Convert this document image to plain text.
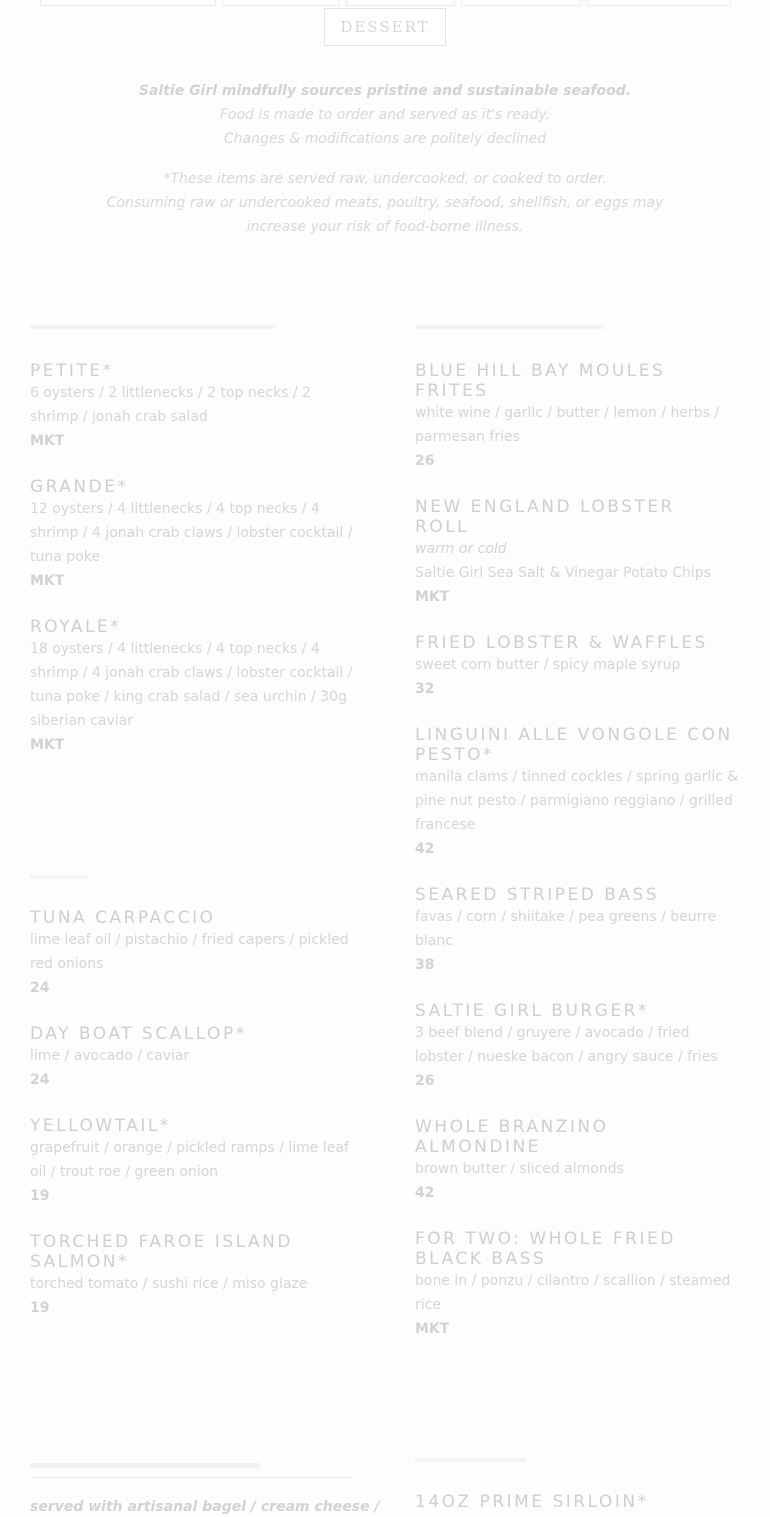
DESSERT
Saltie Girl mindfully sources pristine and sustainable seafood.
Food is made to order and served as it's ready.
Changes & modifications are politely declined
*These items are served raw, undercooked, or cooked to order.
Consuming raw or undercooked meats, poultry, seafood, shellfish, or eggs may
increase your risk of food-borne illness.
PETITE*
6 oysters / 2 littlenecks / 2 top necks / 2 shrimp / jonah crab salad
MKT
GRANDE*
12 oysters / 4 littlenecks / 4 top necks / 4 shrimp / 4 jonah crab claws / lobster cocktail / tuna poke
MKT
ROYALE*
18 oysters / 4 littlenecks / 4 top necks / 4 shrimp / 4 jonah crab claws / lobster cocktail / tuna poke / king crab salad / sea urchin / 30g siberian caviar
MKT
TUNA CARPACCIO
lime leaf oil / pistachio / fried capers / pickled red onions
24
DAY BOAT SCALLOP*
lime / avocado / caviar
24
YELLOWTAIL*
grapefruit / orange / pickled ramps / lime leaf oil / trout roe / green onion
19
TORCHED FAROE ISLAND SALMON*
torched tomato / sushi rice / miso glaze
19
served with artisanal bagel / cream cheese /
BLUE HILL BAY MOULES FRITES
white wine / garlic / butter / lemon / herbs / parmesan fries
26
NEW ENGLAND LOBSTER ROLL
warm or cold
Saltie Girl Sea Salt & Vinegar Potato Chips
MKT
FRIED LOBSTER & WAFFLES
sweet corn butter / spicy maple syrup
32
LINGUINI ALLE VONGOLE CON PESTO*
manila clams / tinned cockles / spring garlic & pine nut pesto / parmigiano reggiano / grilled francese
42
SEARED STRIPED BASS
favas / corn / shiitake / pea greens / beurre blanc
38
SALTIE GIRL BURGER*
3 beef blend / gruyere / avocado / fried lobster / nueske bacon / angry sauce / fries
26
WHOLE BRANZINO ALMONDINE
brown butter / sliced almonds
42
FOR TWO: WHOLE FRIED BLACK BASS
bone in / ponzu / cilantro / scallion / steamed rice
MKT
14OZ PRIME SIRLOIN*
